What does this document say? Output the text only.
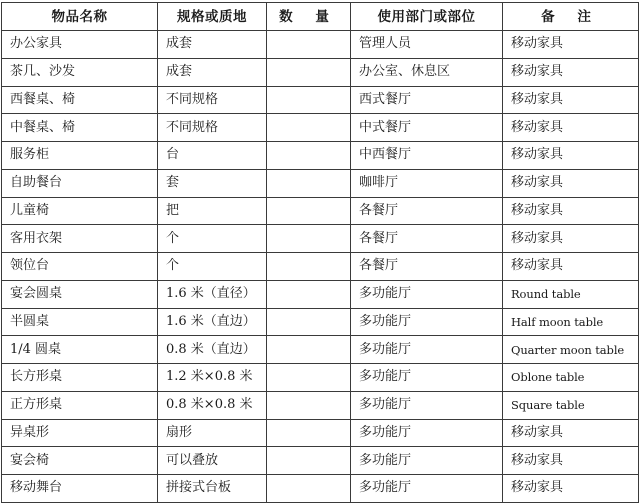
物品名称	规格或质地	数 量	使用部门或部位	备 注
办公家具	成套		管理人员	移动家具
茶几、沙发	成套		办公室、休息区	移动家具
西餐桌、椅	不同规格		西式餐厅	移动家具
中餐桌、椅	不同规格		中式餐厅	移动家具
服务柜	台		中西餐厅	移动家具
自助餐台	套		咖啡厅	移动家具
儿童椅	把		各餐厅	移动家具
客用衣架	个		各餐厅	移动家具
领位台	个		各餐厅	移动家具
宴会圆桌	1.6 米（直径）		多功能厅	Round table
半圆桌	1.6 米（直边）		多功能厅	Half moon table
1/4 圆桌	0.8 米（直边）		多功能厅	Quarter moon table
长方形桌	1.2 米×0.8 米		多功能厅	Oblone table
正方形桌	0.8 米×0.8 米		多功能厅	Square table
异桌形	扇形		多功能厅	移动家具
宴会椅	可以叠放		多功能厅	移动家具
移动舞台	拼接式台板		多功能厅	移动家具
